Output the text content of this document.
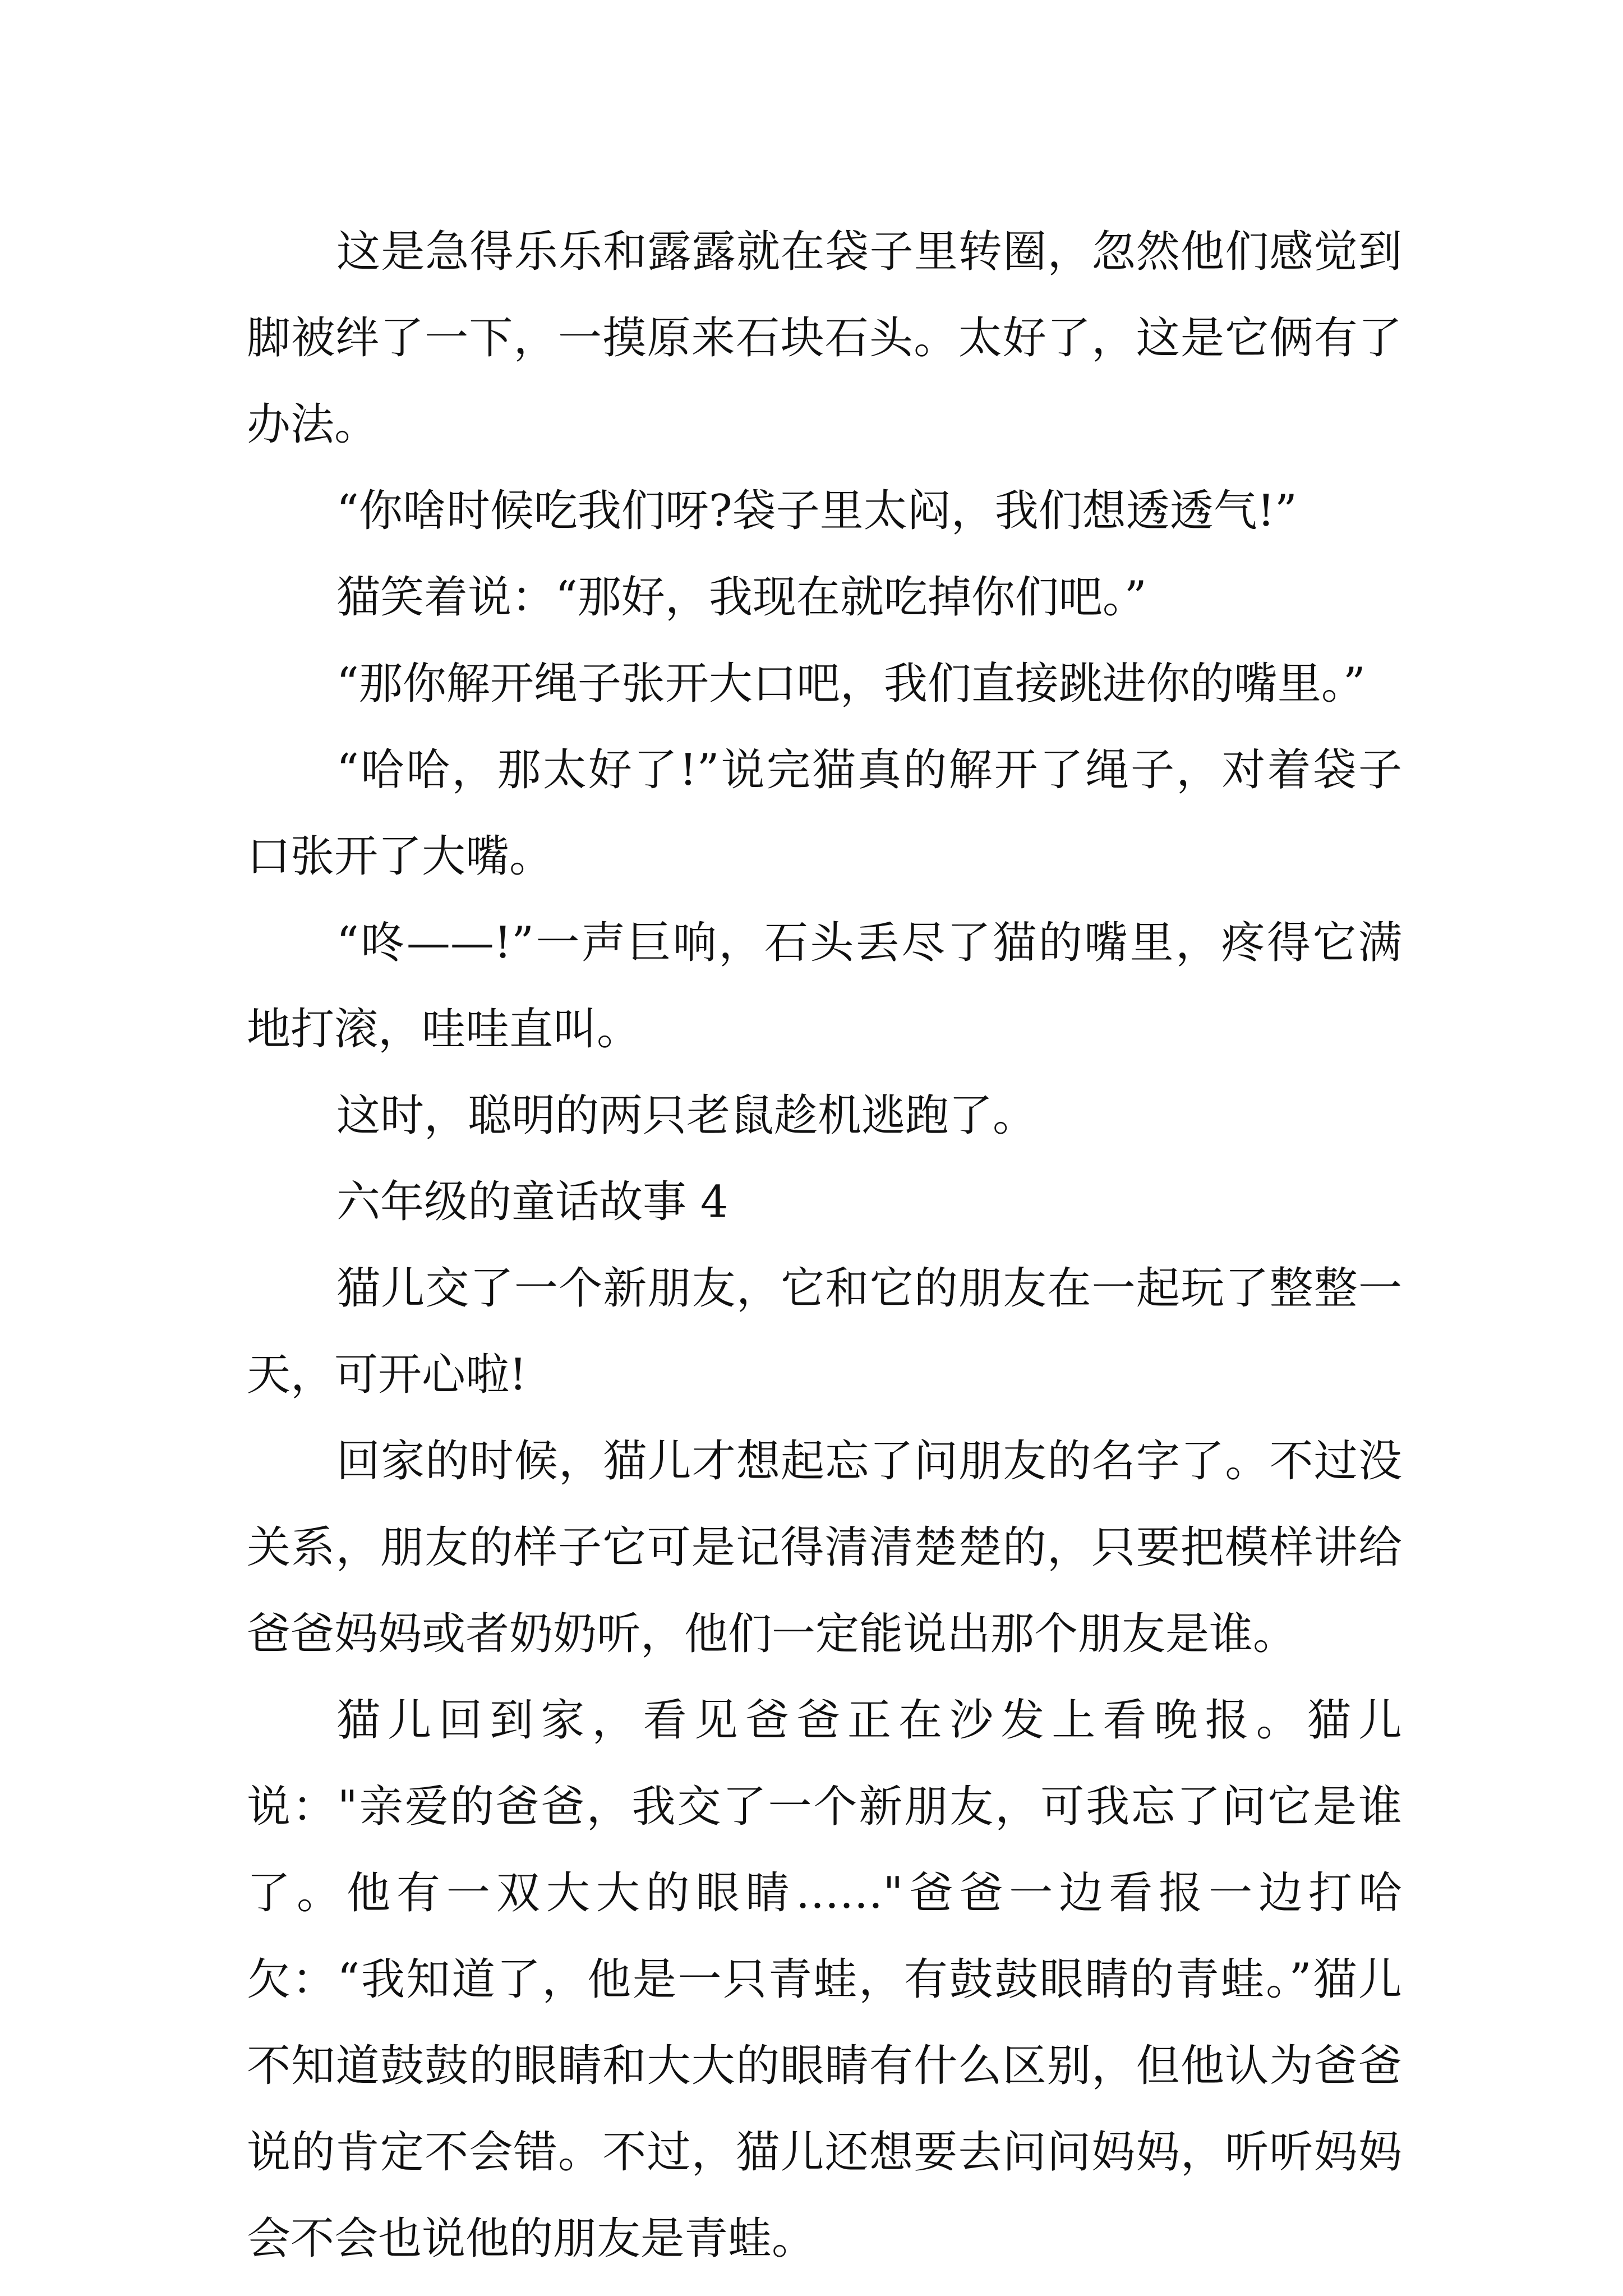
这是急得乐乐和露露就在袋子里转圈，忽然他们感觉到脚被绊了一下，一摸原来石块石头。太好了，这是它俩有了办法。

“你啥时候吃我们呀?袋子里太闷，我们想透透气!”

猫笑着说：“那好，我现在就吃掉你们吧。”

“那你解开绳子张开大口吧，我们直接跳进你的嘴里。”

“哈哈，那太好了!”说完猫真的解开了绳子，对着袋子口张开了大嘴。

“咚——!”一声巨响，石头丢尽了猫的嘴里，疼得它满地打滚，哇哇直叫。

这时，聪明的两只老鼠趁机逃跑了。

六年级的童话故事 4

猫儿交了一个新朋友，它和它的朋友在一起玩了整整一天，可开心啦!

回家的时候，猫儿才想起忘了问朋友的名字了。不过没关系，朋友的样子它可是记得清清楚楚的，只要把模样讲给爸爸妈妈或者奶奶听，他们一定能说出那个朋友是谁。

猫儿回到家，看见爸爸正在沙发上看晚报。猫儿说："亲爱的爸爸，我交了一个新朋友，可我忘了问它是谁了。他有一双大大的眼睛……"爸爸一边看报一边打哈欠：“我知道了，他是一只青蛙，有鼓鼓眼睛的青蛙。”猫儿不知道鼓鼓的眼睛和大大的眼睛有什么区别，但他认为爸爸说的肯定不会错。不过，猫儿还想要去问问妈妈，听听妈妈会不会也说他的朋友是青蛙。
